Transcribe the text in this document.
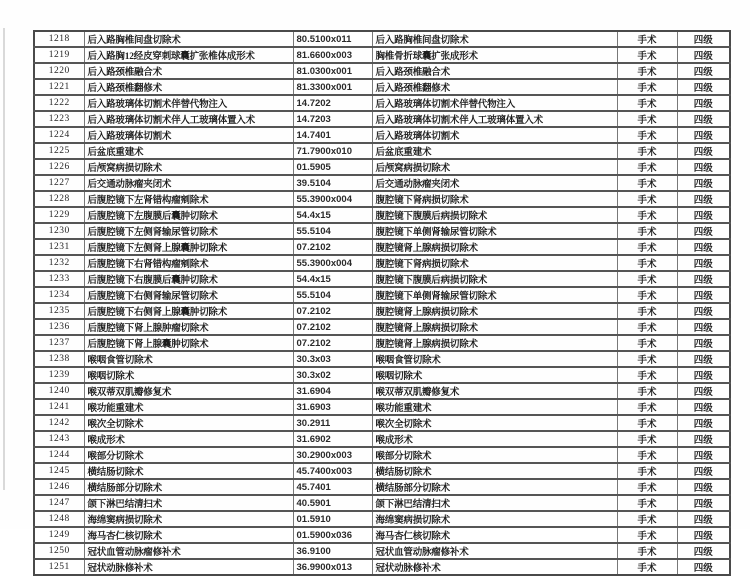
1218	后入路胸椎间盘切除术	80.5100x011	后入路胸椎间盘切除术	手术	四级
1219	后入路胸12经皮穿刺球囊扩张椎体成形术	81.6600x003	胸椎骨折球囊扩张成形术	手术	四级
1220	后入路颈椎融合术	81.0300x001	后入路颈椎融合术	手术	四级
1221	后入路颈椎翻修术	81.3300x001	后入路颈椎翻修术	手术	四级
1222	后入路玻璃体切割术伴替代物注入	14.7202	后入路玻璃体切割术伴替代物注入	手术	四级
1223	后入路玻璃体切割术伴人工玻璃体置入术	14.7203	后入路玻璃体切割术伴人工玻璃体置入术	手术	四级
1224	后入路玻璃体切割术	14.7401	后入路玻璃体切割术	手术	四级
1225	后盆底重建术	71.7900x010	后盆底重建术	手术	四级
1226	后颅窝病损切除术	01.5905	后颅窝病损切除术	手术	四级
1227	后交通动脉瘤夹闭术	39.5104	后交通动脉瘤夹闭术	手术	四级
1228	后腹腔镜下左肾错构瘤剜除术	55.3900x004	腹腔镜下肾病损切除术	手术	四级
1229	后腹腔镜下左腹膜后囊肿切除术	54.4x15	腹腔镜下腹膜后病损切除术	手术	四级
1230	后腹腔镜下左侧肾输尿管切除术	55.5104	腹腔镜下单侧肾输尿管切除术	手术	四级
1231	后腹腔镜下左侧肾上腺囊肿切除术	07.2102	腹腔镜肾上腺病损切除术	手术	四级
1232	后腹腔镜下右肾错构瘤剜除术	55.3900x004	腹腔镜下肾病损切除术	手术	四级
1233	后腹腔镜下右腹膜后囊肿切除术	54.4x15	腹腔镜下腹膜后病损切除术	手术	四级
1234	后腹腔镜下右侧肾输尿管切除术	55.5104	腹腔镜下单侧肾输尿管切除术	手术	四级
1235	后腹腔镜下右侧肾上腺囊肿切除术	07.2102	腹腔镜肾上腺病损切除术	手术	四级
1236	后腹腔镜下肾上腺肿瘤切除术	07.2102	腹腔镜肾上腺病损切除术	手术	四级
1237	后腹腔镜下肾上腺囊肿切除术	07.2102	腹腔镜肾上腺病损切除术	手术	四级
1238	喉咽食管切除术	30.3x03	喉咽食管切除术	手术	四级
1239	喉咽切除术	30.3x02	喉咽切除术	手术	四级
1240	喉双蒂双肌瓣修复术	31.6904	喉双蒂双肌瓣修复术	手术	四级
1241	喉功能重建术	31.6903	喉功能重建术	手术	四级
1242	喉次全切除术	30.2911	喉次全切除术	手术	四级
1243	喉成形术	31.6902	喉成形术	手术	四级
1244	喉部分切除术	30.2900x003	喉部分切除术	手术	四级
1245	横结肠切除术	45.7400x003	横结肠切除术	手术	四级
1246	横结肠部分切除术	45.7401	横结肠部分切除术	手术	四级
1247	颌下淋巴结清扫术	40.5901	颌下淋巴结清扫术	手术	四级
1248	海绵窦病损切除术	01.5910	海绵窦病损切除术	手术	四级
1249	海马杏仁核切除术	01.5900x036	海马杏仁核切除术	手术	四级
1250	冠状血管动脉瘤修补术	36.9100	冠状血管动脉瘤修补术	手术	四级
1251	冠状动脉修补术	36.9900x013	冠状动脉修补术	手术	四级
